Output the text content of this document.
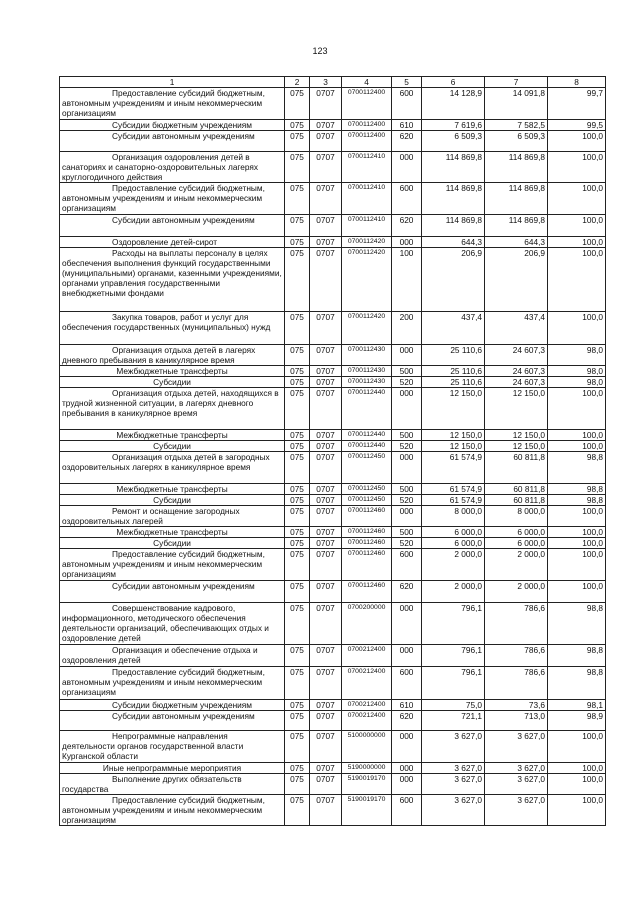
123
1	2	3	4	5	6	7	8
Предоставление субсидий бюджетным, автономным учреждениям и иным некоммерческим организациям	075	0707	0700112400	600	14 128,9	14 091,8	99,7
Субсидии бюджетным учреждениям	075	0707	0700112400	610	7 619,6	7 582,5	99,5
Субсидии автономным учреждениям	075	0707	0700112400	620	6 509,3	6 509,3	100,0
Организация оздоровления детей в санаториях и санаторно-оздоровительных лагерях круглогодичного действия	075	0707	0700112410	000	114 869,8	114 869,8	100,0
Предоставление субсидий бюджетным, автономным учреждениям и иным некоммерческим организациям	075	0707	0700112410	600	114 869,8	114 869,8	100,0
Субсидии автономным учреждениям	075	0707	0700112410	620	114 869,8	114 869,8	100,0
Оздоровление детей-сирот	075	0707	0700112420	000	644,3	644,3	100,0
Расходы на выплаты персоналу в целях обеспечения выполнения функций государственными (муниципальными) органами, казенными учреждениями, органами управления государственными внебюджетными фондами	075	0707	0700112420	100	206,9	206,9	100,0
Закупка товаров, работ и услуг для обеспечения государственных (муниципальных) нужд	075	0707	0700112420	200	437,4	437,4	100,0
Организация отдыха детей в лагерях дневного пребывания в каникулярное время	075	0707	0700112430	000	25 110,6	24 607,3	98,0
Межбюджетные трансферты	075	0707	0700112430	500	25 110,6	24 607,3	98,0
Субсидии	075	0707	0700112430	520	25 110,6	24 607,3	98,0
Организация отдыха детей, находящихся в трудной жизненной ситуации, в лагерях дневного пребывания в каникулярное время	075	0707	0700112440	000	12 150,0	12 150,0	100,0
Межбюджетные трансферты	075	0707	0700112440	500	12 150,0	12 150,0	100,0
Субсидии	075	0707	0700112440	520	12 150,0	12 150,0	100,0
Организация отдыха детей в загородных оздоровительных лагерях в каникулярное время	075	0707	0700112450	000	61 574,9	60 811,8	98,8
Межбюджетные трансферты	075	0707	0700112450	500	61 574,9	60 811,8	98,8
Субсидии	075	0707	0700112450	520	61 574,9	60 811,8	98,8
Ремонт и оснащение загородных оздоровительных лагерей	075	0707	0700112460	000	8 000,0	8 000,0	100,0
Межбюджетные трансферты	075	0707	0700112460	500	6 000,0	6 000,0	100,0
Субсидии	075	0707	0700112460	520	6 000,0	6 000,0	100,0
Предоставление субсидий бюджетным, автономным учреждениям и иным некоммерческим организациям	075	0707	0700112460	600	2 000,0	2 000,0	100,0
Субсидии автономным учреждениям	075	0707	0700112460	620	2 000,0	2 000,0	100,0
Совершенствование кадрового, информационного, методического обеспечения деятельности организаций, обеспечивающих отдых и оздоровление детей	075	0707	0700200000	000	796,1	786,6	98,8
Организация и обеспечение отдыха и оздоровления детей	075	0707	0700212400	000	796,1	786,6	98,8
Предоставление субсидий бюджетным, автономным учреждениям и иным некоммерческим организациям	075	0707	0700212400	600	796,1	786,6	98,8
Субсидии бюджетным учреждениям	075	0707	0700212400	610	75,0	73,6	98,1
Субсидии автономным учреждениям	075	0707	0700212400	620	721,1	713,0	98,9
Непрограммные направления деятельности органов государственной власти Курганской области	075	0707	5100000000	000	3 627,0	3 627,0	100,0
Иные непрограммные мероприятия	075	0707	5190000000	000	3 627,0	3 627,0	100,0
Выполнение других обязательств государства	075	0707	5190019170	000	3 627,0	3 627,0	100,0
Предоставление субсидий бюджетным, автономным учреждениям и иным некоммерческим организациям	075	0707	5190019170	600	3 627,0	3 627,0	100,0
